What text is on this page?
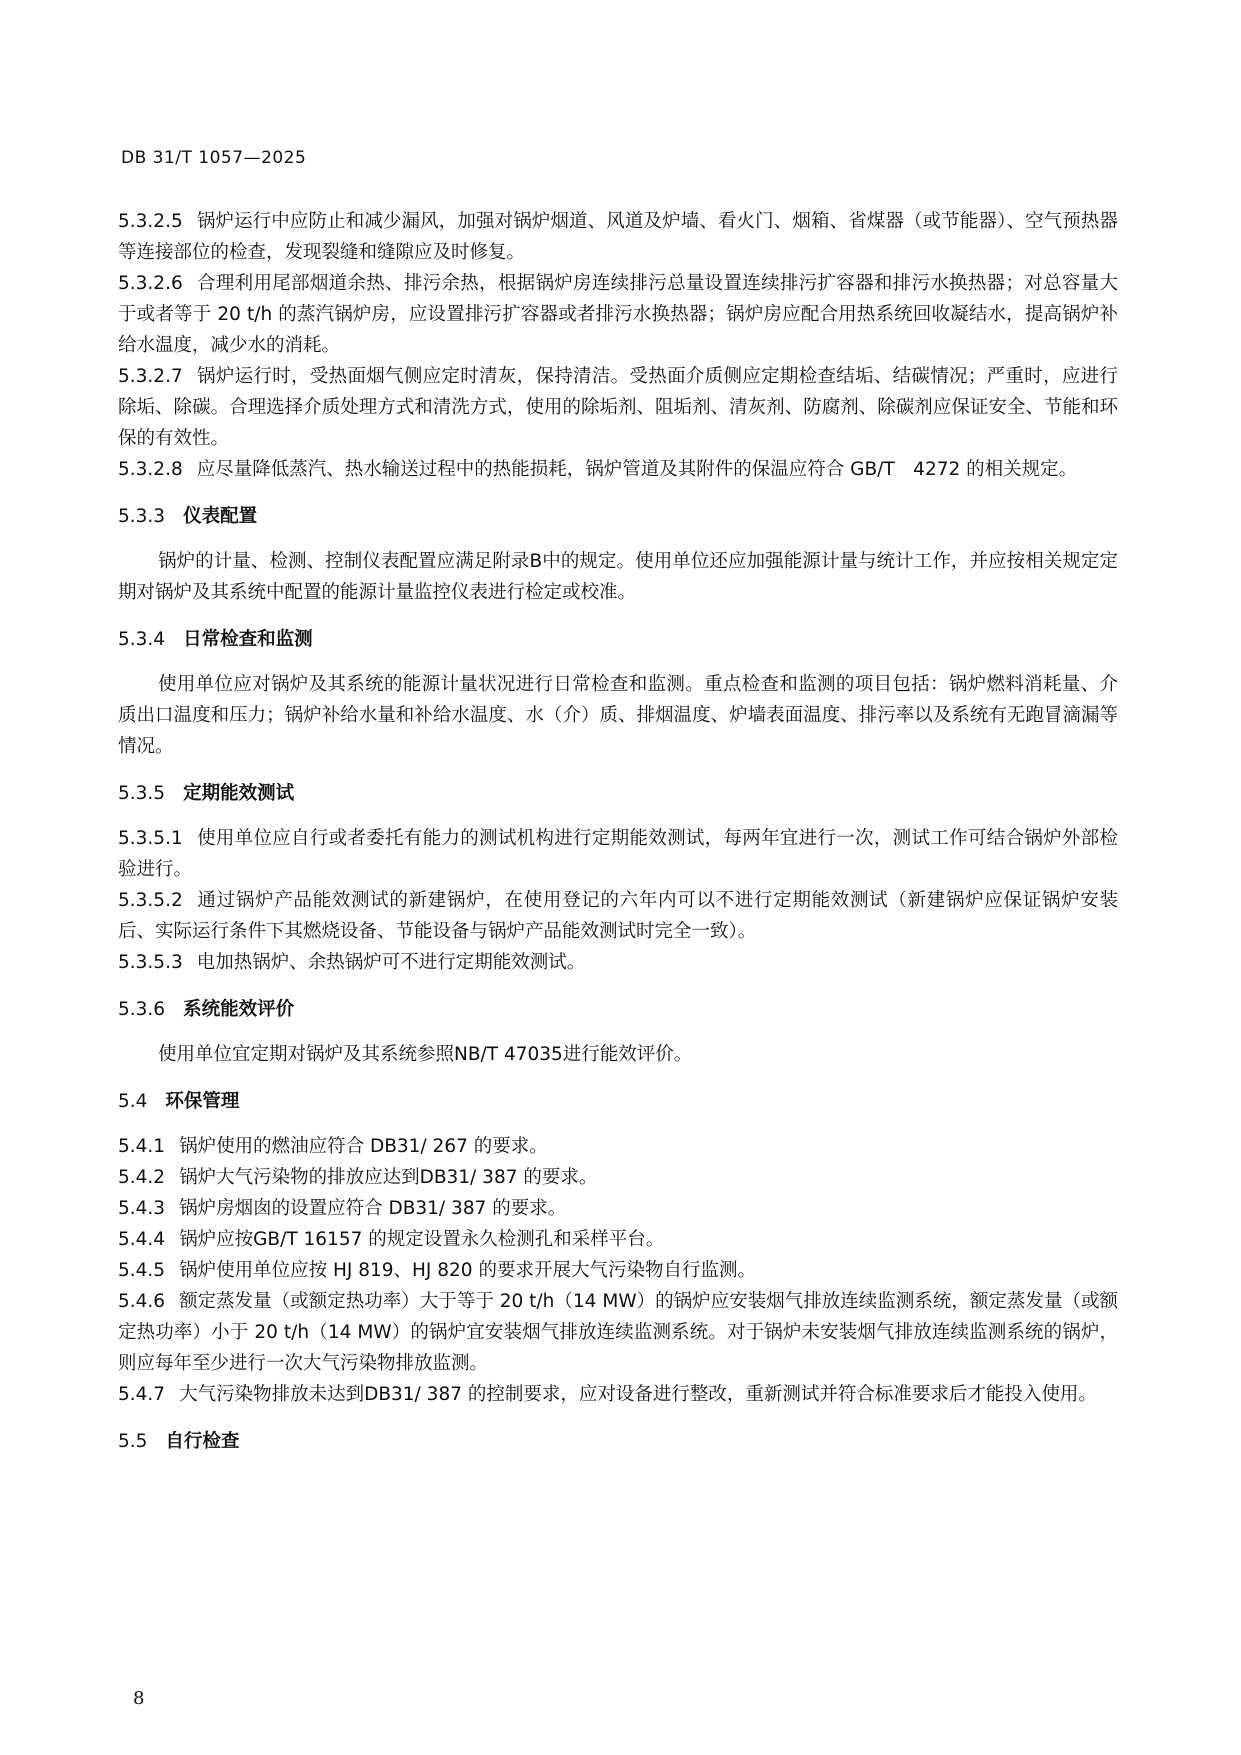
DB 31/T 1057—2025

5.3.2.5 锅炉运行中应防止和减少漏风，加强对锅炉烟道、风道及炉墙、看火门、烟箱、省煤器（或节能器）、空气预热器等连接部位的检查，发现裂缝和缝隙应及时修复。

5.3.2.6 合理利用尾部烟道余热、排污余热，根据锅炉房连续排污总量设置连续排污扩容器和排污水换热器；对总容量大于或者等于 20 t/h 的蒸汽锅炉房，应设置排污扩容器或者排污水换热器；锅炉房应配合用热系统回收凝结水，提高锅炉补给水温度，减少水的消耗。

5.3.2.7 锅炉运行时，受热面烟气侧应定时清灰，保持清洁。受热面介质侧应定期检查结垢、结碳情况；严重时，应进行除垢、除碳。合理选择介质处理方式和清洗方式，使用的除垢剂、阻垢剂、清灰剂、防腐剂、除碳剂应保证安全、节能和环保的有效性。

5.3.2.8 应尽量降低蒸汽、热水输送过程中的热能损耗，锅炉管道及其附件的保温应符合 GB/T　4272 的相关规定。

5.3.3 仪表配置

锅炉的计量、检测、控制仪表配置应满足附录B中的规定。使用单位还应加强能源计量与统计工作，并应按相关规定定期对锅炉及其系统中配置的能源计量监控仪表进行检定或校准。

5.3.4 日常检查和监测

使用单位应对锅炉及其系统的能源计量状况进行日常检查和监测。重点检查和监测的项目包括：锅炉燃料消耗量、介质出口温度和压力；锅炉补给水量和补给水温度、水（介）质、排烟温度、炉墙表面温度、排污率以及系统有无跑冒滴漏等情况。

5.3.5 定期能效测试

5.3.5.1 使用单位应自行或者委托有能力的测试机构进行定期能效测试，每两年宜进行一次，测试工作可结合锅炉外部检验进行。

5.3.5.2 通过锅炉产品能效测试的新建锅炉，在使用登记的六年内可以不进行定期能效测试（新建锅炉应保证锅炉安装后、实际运行条件下其燃烧设备、节能设备与锅炉产品能效测试时完全一致）。

5.3.5.3 电加热锅炉、余热锅炉可不进行定期能效测试。

5.3.6 系统能效评价

使用单位宜定期对锅炉及其系统参照NB/T 47035进行能效评价。

5.4 环保管理

5.4.1 锅炉使用的燃油应符合 DB31/ 267 的要求。

5.4.2 锅炉大气污染物的排放应达到DB31/ 387 的要求。

5.4.3 锅炉房烟囱的设置应符合 DB31/ 387 的要求。

5.4.4 锅炉应按GB/T 16157 的规定设置永久检测孔和采样平台。

5.4.5 锅炉使用单位应按 HJ 819、HJ 820 的要求开展大气污染物自行监测。

5.4.6 额定蒸发量（或额定热功率）大于等于 20 t/h（14 MW）的锅炉应安装烟气排放连续监测系统，额定蒸发量（或额定热功率）小于 20 t/h（14 MW）的锅炉宜安装烟气排放连续监测系统。对于锅炉未安装烟气排放连续监测系统的锅炉，则应每年至少进行一次大气污染物排放监测。

5.4.7 大气污染物排放未达到DB31/ 387 的控制要求，应对设备进行整改，重新测试并符合标准要求后才能投入使用。

5.5 自行检查

8
